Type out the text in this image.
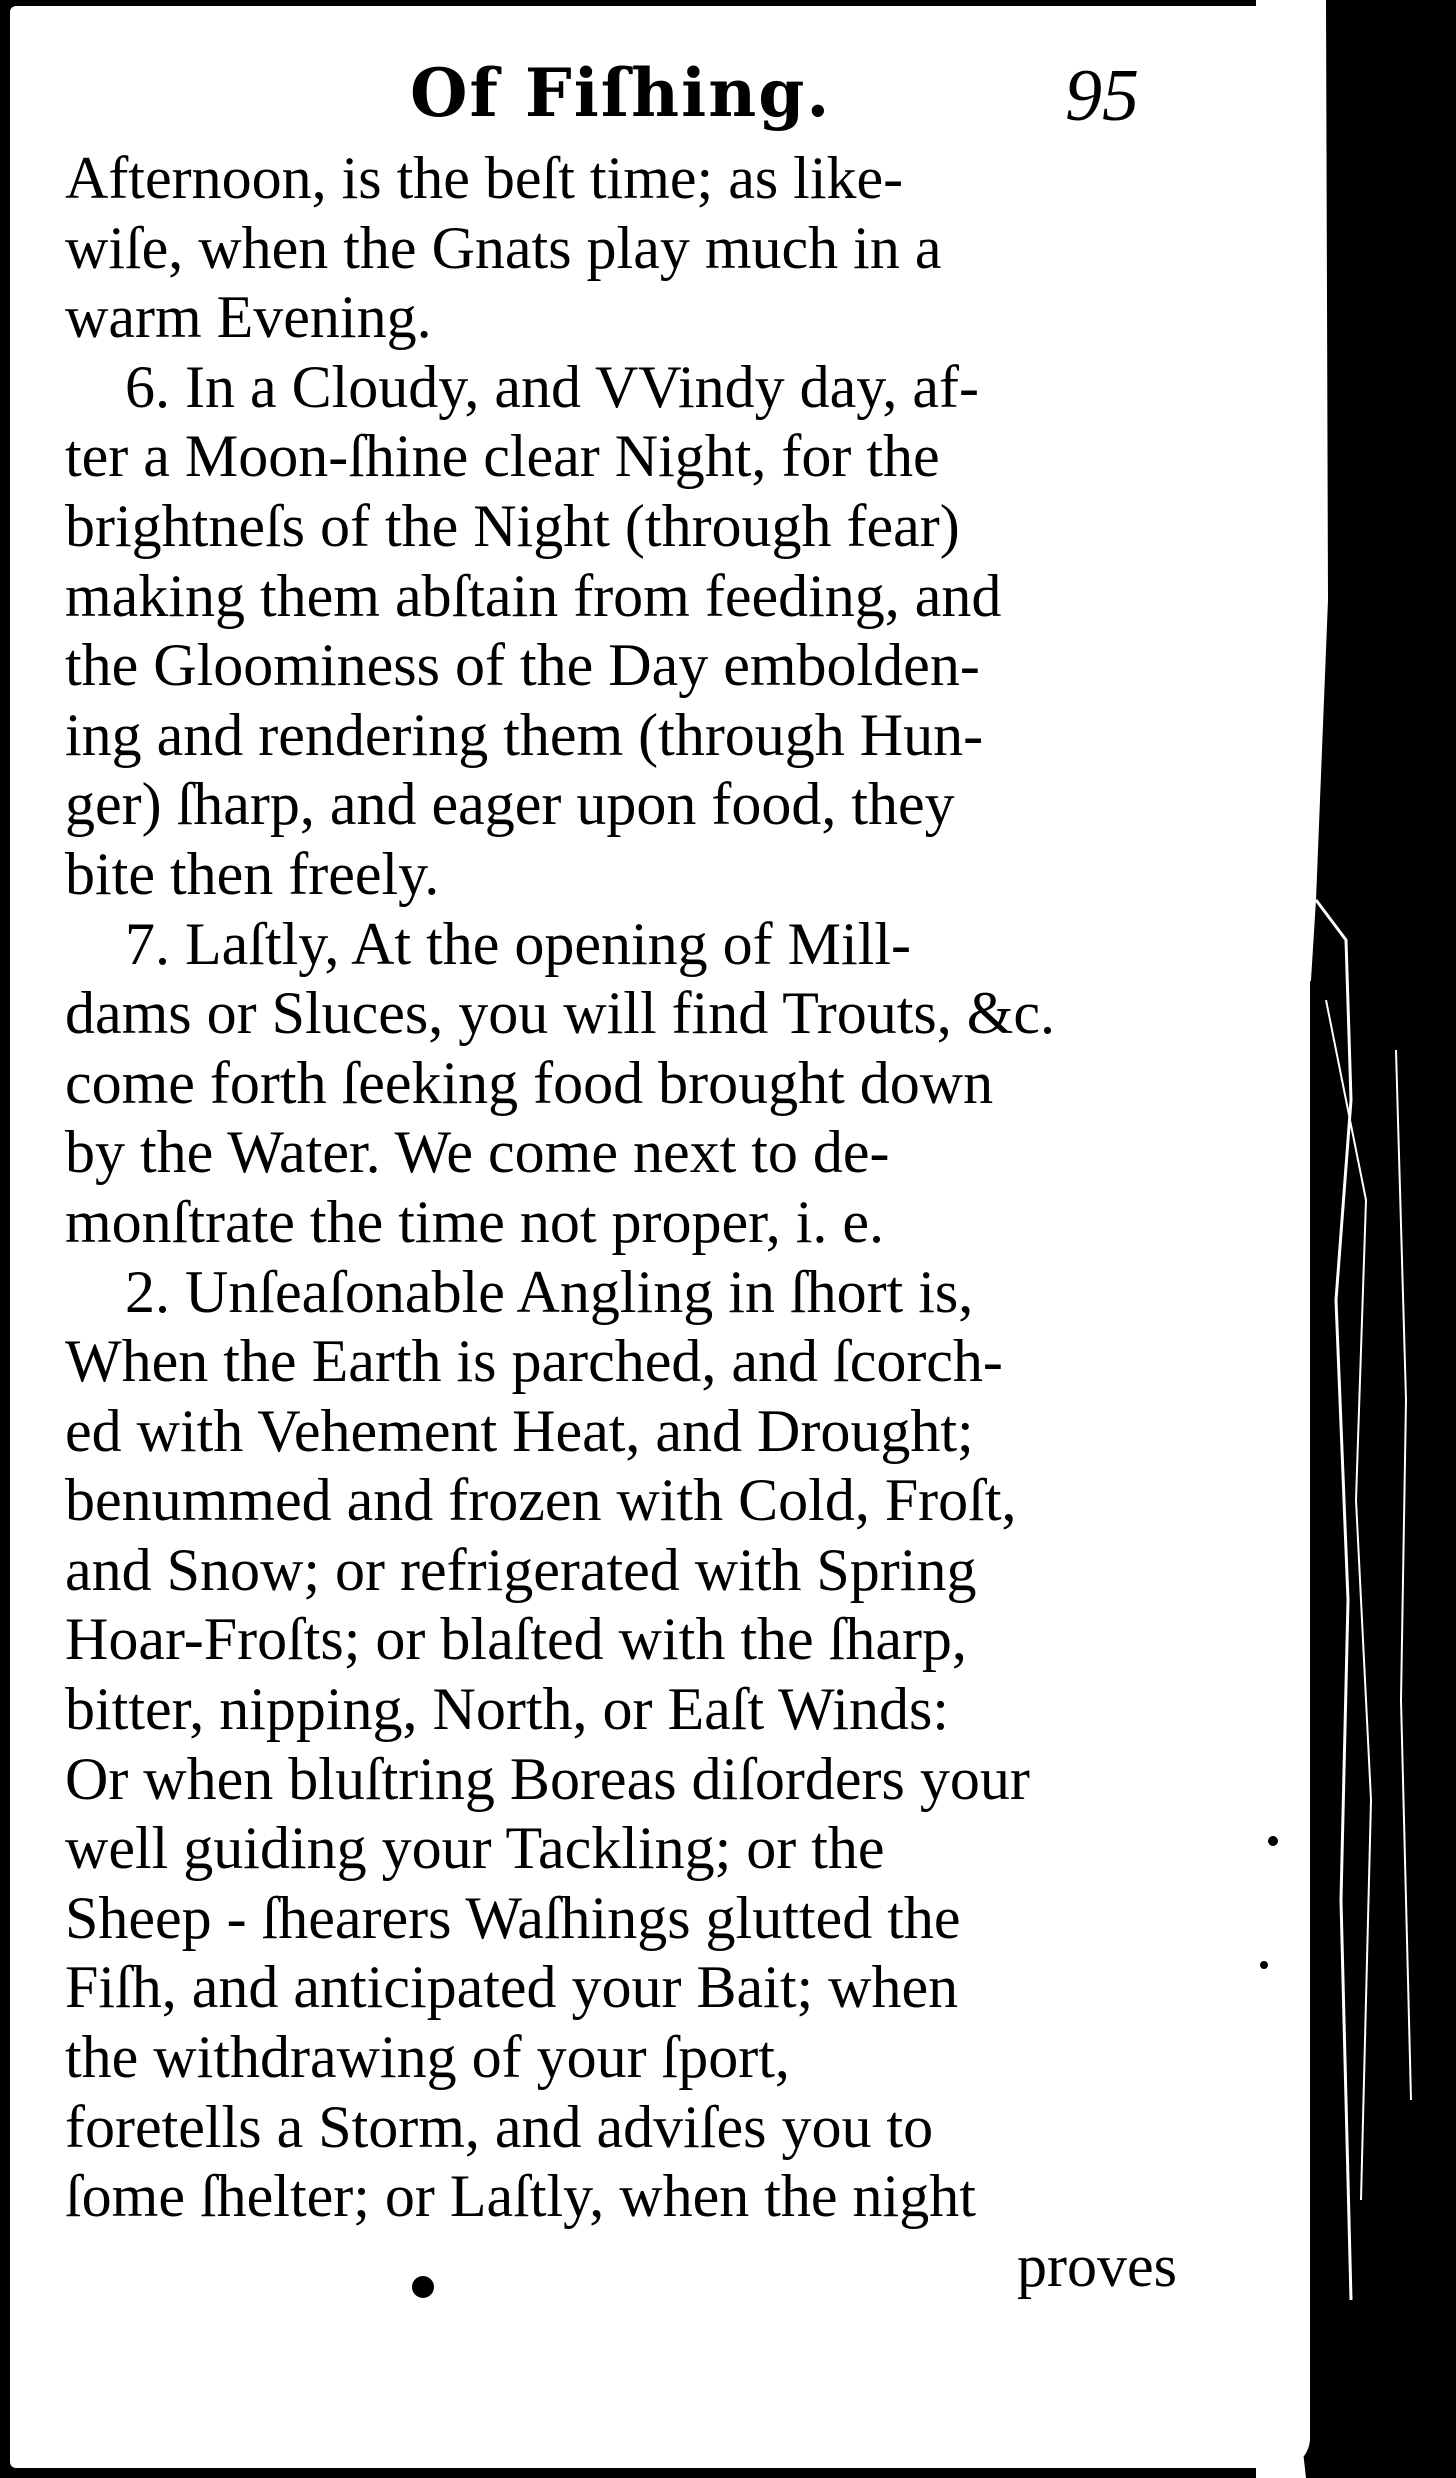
Of Fiſhing.	95
Afternoon, is the beſt time; as like-
wiſe, when the Gnats play much in a
warm Evening.
6. In a Cloudy, and VVindy day, af-
ter a Moon-ſhine clear Night, for the
brightneſs of the Night (through fear)
making them abſtain from feeding, and
the Gloominess of the Day embolden-
ing and rendering them (through Hun-
ger) ſharp, and eager upon food, they
bite then freely.
7. Laſtly, At the opening of Mill-
dams or Sluces, you will find Trouts, &c.
come forth ſeeking food brought down
by the Water. We come next to de-
monſtrate the time not proper, i. e.
2. Unſeaſonable Angling in ſhort is,
When the Earth is parched, and ſcorch-
ed with Vehement Heat, and Drought;
benummed and frozen with Cold, Froſt,
and Snow; or refrigerated with Spring
Hoar-Froſts; or blaſted with the ſharp,
bitter, nipping, North, or Eaſt Winds:
Or when bluſtring Boreas diſorders your
well guiding your Tackling; or the
Sheep - ſhearers Waſhings glutted the
Fiſh, and anticipated your Bait; when
the withdrawing of your ſport,
foretells a Storm, and adviſes you to
ſome ſhelter; or Laſtly, when the night
proves
